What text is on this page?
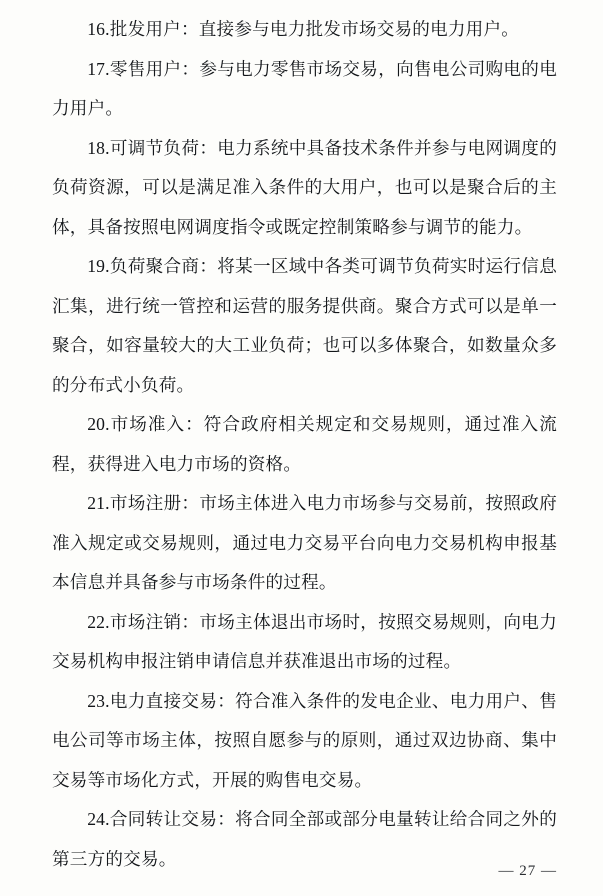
16.批发用户：直接参与电力批发市场交易的电力用户。

17.零售用户：参与电力零售市场交易，向售电公司购电的电力用户。

18.可调节负荷：电力系统中具备技术条件并参与电网调度的负荷资源，可以是满足准入条件的大用户，也可以是聚合后的主体，具备按照电网调度指令或既定控制策略参与调节的能力。

19.负荷聚合商：将某一区域中各类可调节负荷实时运行信息汇集，进行统一管控和运营的服务提供商。聚合方式可以是单一聚合，如容量较大的大工业负荷；也可以多体聚合，如数量众多的分布式小负荷。

20.市场准入：符合政府相关规定和交易规则，通过准入流程，获得进入电力市场的资格。

21.市场注册：市场主体进入电力市场参与交易前，按照政府准入规定或交易规则，通过电力交易平台向电力交易机构申报基本信息并具备参与市场条件的过程。

22.市场注销：市场主体退出市场时，按照交易规则，向电力交易机构申报注销申请信息并获准退出市场的过程。

23.电力直接交易：符合准入条件的发电企业、电力用户、售电公司等市场主体，按照自愿参与的原则，通过双边协商、集中交易等市场化方式，开展的购售电交易。

24.合同转让交易：将合同全部或部分电量转让给合同之外的第三方的交易。

— 27 —
